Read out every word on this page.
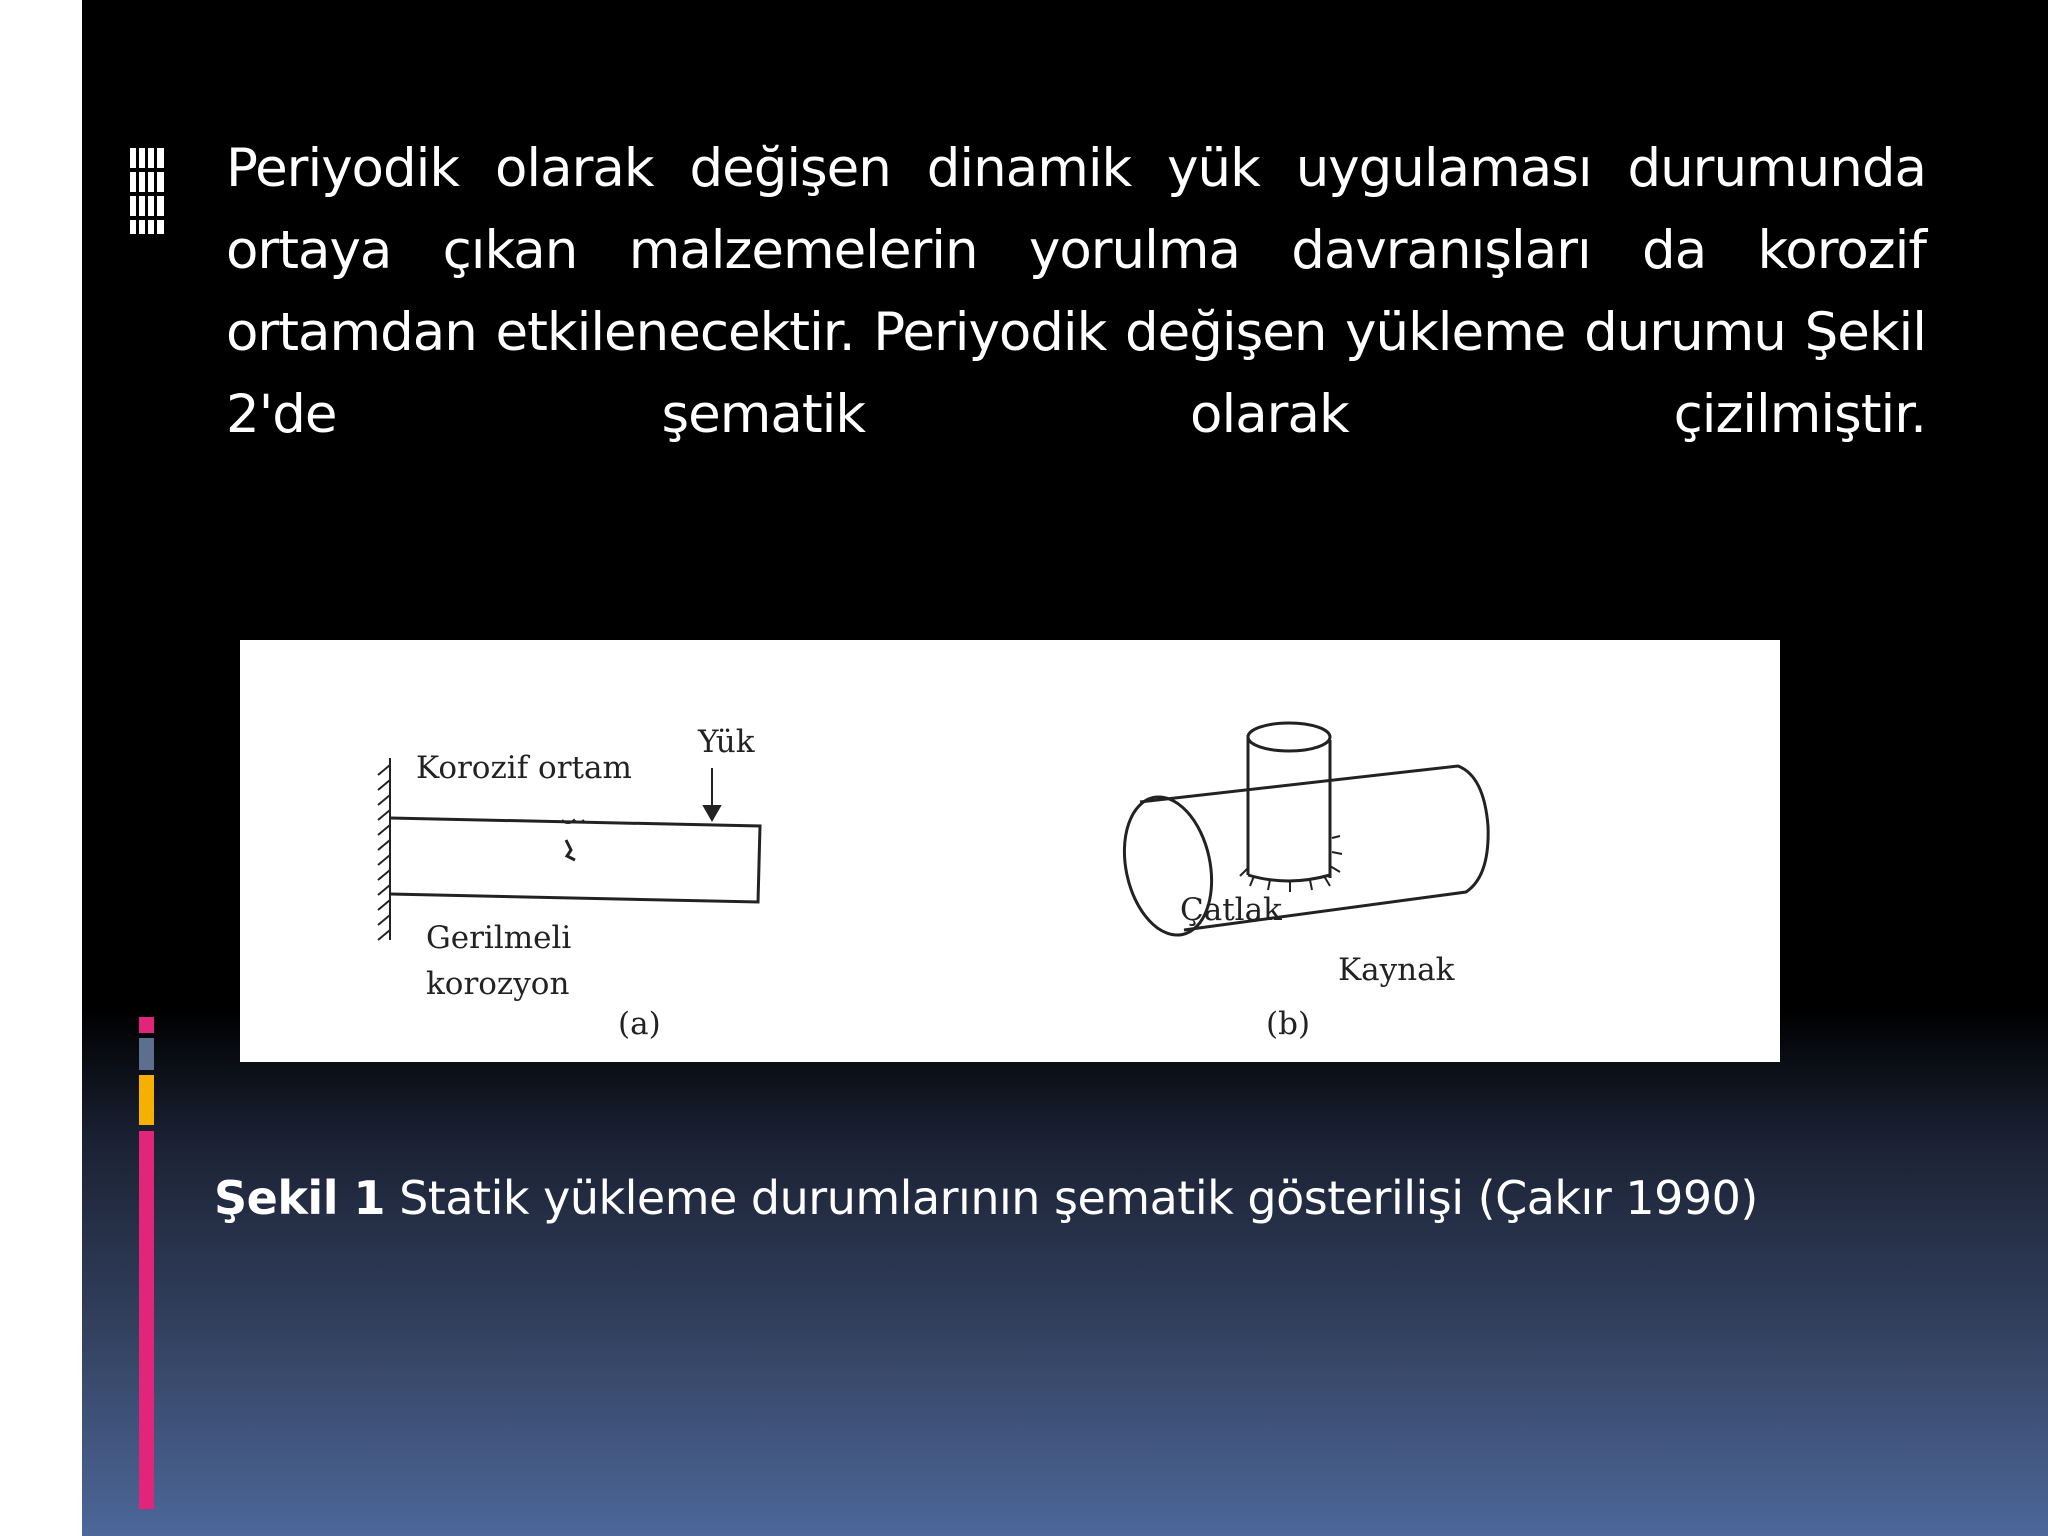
Periyodik olarak değişen dinamik yük uygulaması durumunda ortaya çıkan malzemelerin yorulma davranışları da korozif ortamdan etkilenecektir. Periyodik değişen yükleme durumu Şekil 2'de şematik olarak çizilmiştir.

Korozif ortam
Yük
Gerilmeli
korozyon
(a)
Çatlak
Kaynak
(b)

Şekil 1 Statik yükleme durumlarının şematik gösterilişi (Çakır 1990)
